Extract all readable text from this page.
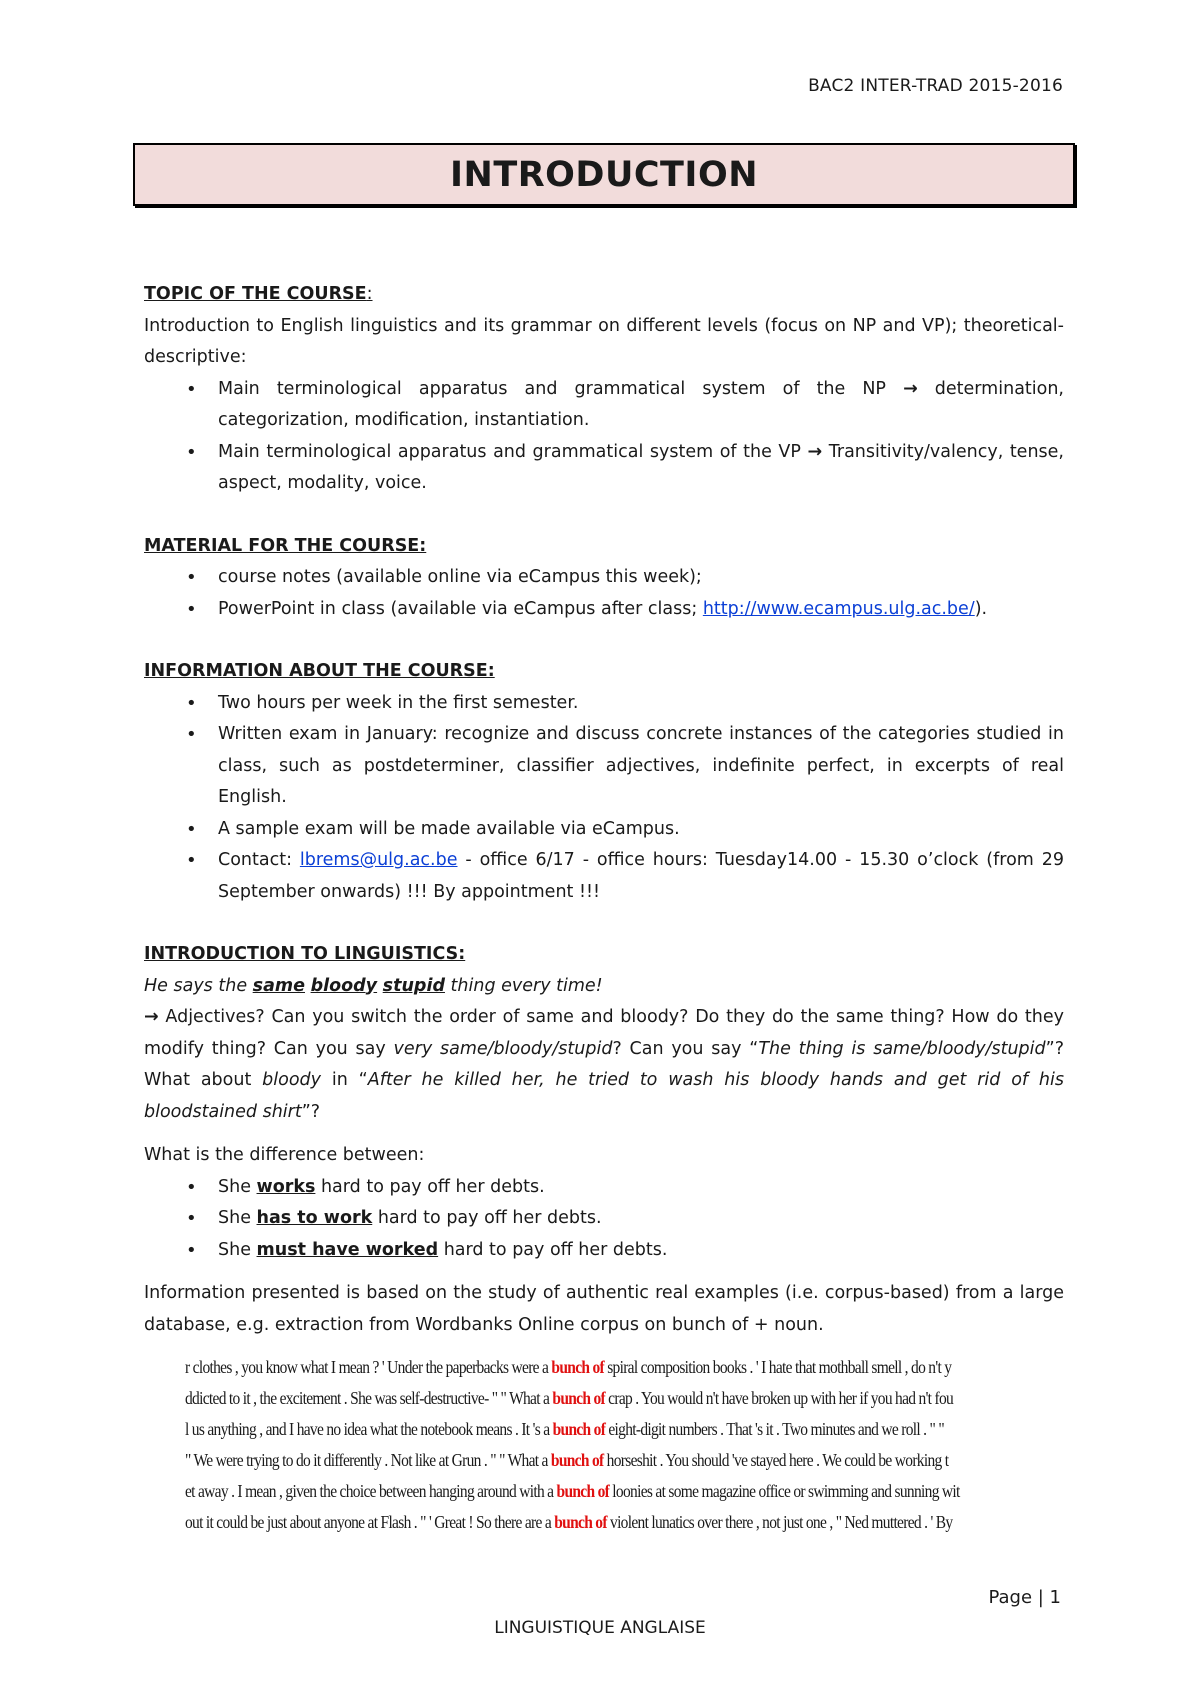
BAC2 INTER-TRAD 2015-2016
INTRODUCTION

TOPIC OF THE COURSE:

Introduction to English linguistics and its grammar on different levels (focus on NP and VP); theoretical-descriptive:

• Main terminological apparatus and grammatical system of the NP → determination, categorization, modification, instantiation.
• Main terminological apparatus and grammatical system of the VP → Transitivity/valency, tense, aspect, modality, voice.

MATERIAL FOR THE COURSE:

• course notes (available online via eCampus this week);
• PowerPoint in class (available via eCampus after class; http://www.ecampus.ulg.ac.be/).

INFORMATION ABOUT THE COURSE:

• Two hours per week in the first semester.
• Written exam in January: recognize and discuss concrete instances of the categories studied in class, such as postdeterminer, classifier adjectives, indefinite perfect, in excerpts of real English.
• A sample exam will be made available via eCampus.
• Contact: lbrems@ulg.ac.be - office 6/17 - office hours: Tuesday14.00 - 15.30 o’clock (from 29 September onwards) !!! By appointment !!!

INTRODUCTION TO LINGUISTICS:

He says the same bloody stupid thing every time!

→ Adjectives? Can you switch the order of same and bloody? Do they do the same thing? How do they modify thing? Can you say very same/bloody/stupid? Can you say “The thing is same/bloody/stupid”? What about bloody in “After he killed her, he tried to wash his bloody hands and get rid of his bloodstained shirt”?

What is the difference between:

• She works hard to pay off her debts.
• She has to work hard to pay off her debts.
• She must have worked hard to pay off her debts.

Information presented is based on the study of authentic real examples (i.e. corpus-based) from a large database, e.g. extraction from Wordbanks Online corpus on bunch of + noun.

r clothes , you know what I mean ? ' Under the paperbacks were a bunch of spiral composition books . ' I hate that mothball smell , do n't y
ddicted to it , the excitement . She was self-destructive- " " What a bunch of crap . You would n't have broken up with her if you had n't fou
l us anything , and I have no idea what the notebook means . It 's a bunch of eight-digit numbers . That 's it . Two minutes and we roll . " "
" We were trying to do it differently . Not like at Grun . " " What a bunch of horseshit . You should 've stayed here . We could be working t
et away . I mean , given the choice between hanging around with a bunch of loonies at some magazine office or swimming and sunning wit
out it could be just about anyone at Flash . " ' Great ! So there are a bunch of violent lunatics over there , not just one , " Ned muttered . ' By
Page | 1
LINGUISTIQUE ANGLAISE
